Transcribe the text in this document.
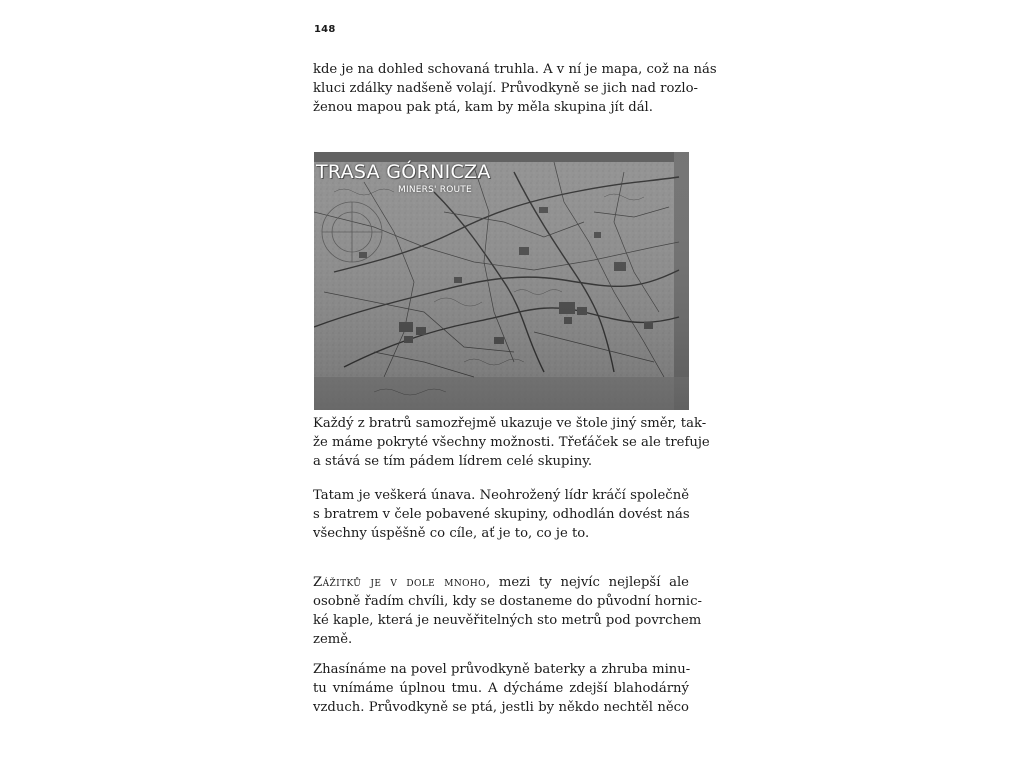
148

kde je na dohled schovaná truhla. A v ní je mapa, což na nás
kluci zdálky nadšeně volají. Průvodkyně se jich nad rozlo-
ženou mapou pak ptá, kam by měla skupina jít dál.

TRASA GÓRNICZA
MINERS' ROUTE

Každý z bratrů samozřejmě ukazuje ve štole jiný směr, tak-
že máme pokryté všechny možnosti. Třeťáček se ale trefuje
a stává se tím pádem lídrem celé skupiny.

Tatam je veškerá únava. Neohrožený lídr kráčí společně
s bratrem v čele pobavené skupiny, odhodlán dovést nás
všechny úspěšně co cíle, ať je to, co je to.

Zážitků je v dole mnoho, mezi ty nejvíc nejlepší ale
osobně řadím chvíli, kdy se dostaneme do původní hornic-
ké kaple, která je neuvěřitelných sto metrů pod povrchem
země.

Zhasínáme na povel průvodkyně baterky a zhruba minu-
tu vnímáme úplnou tmu. A dýcháme zdejší blahodárný
vzduch. Průvodkyně se ptá, jestli by někdo nechtěl něco
